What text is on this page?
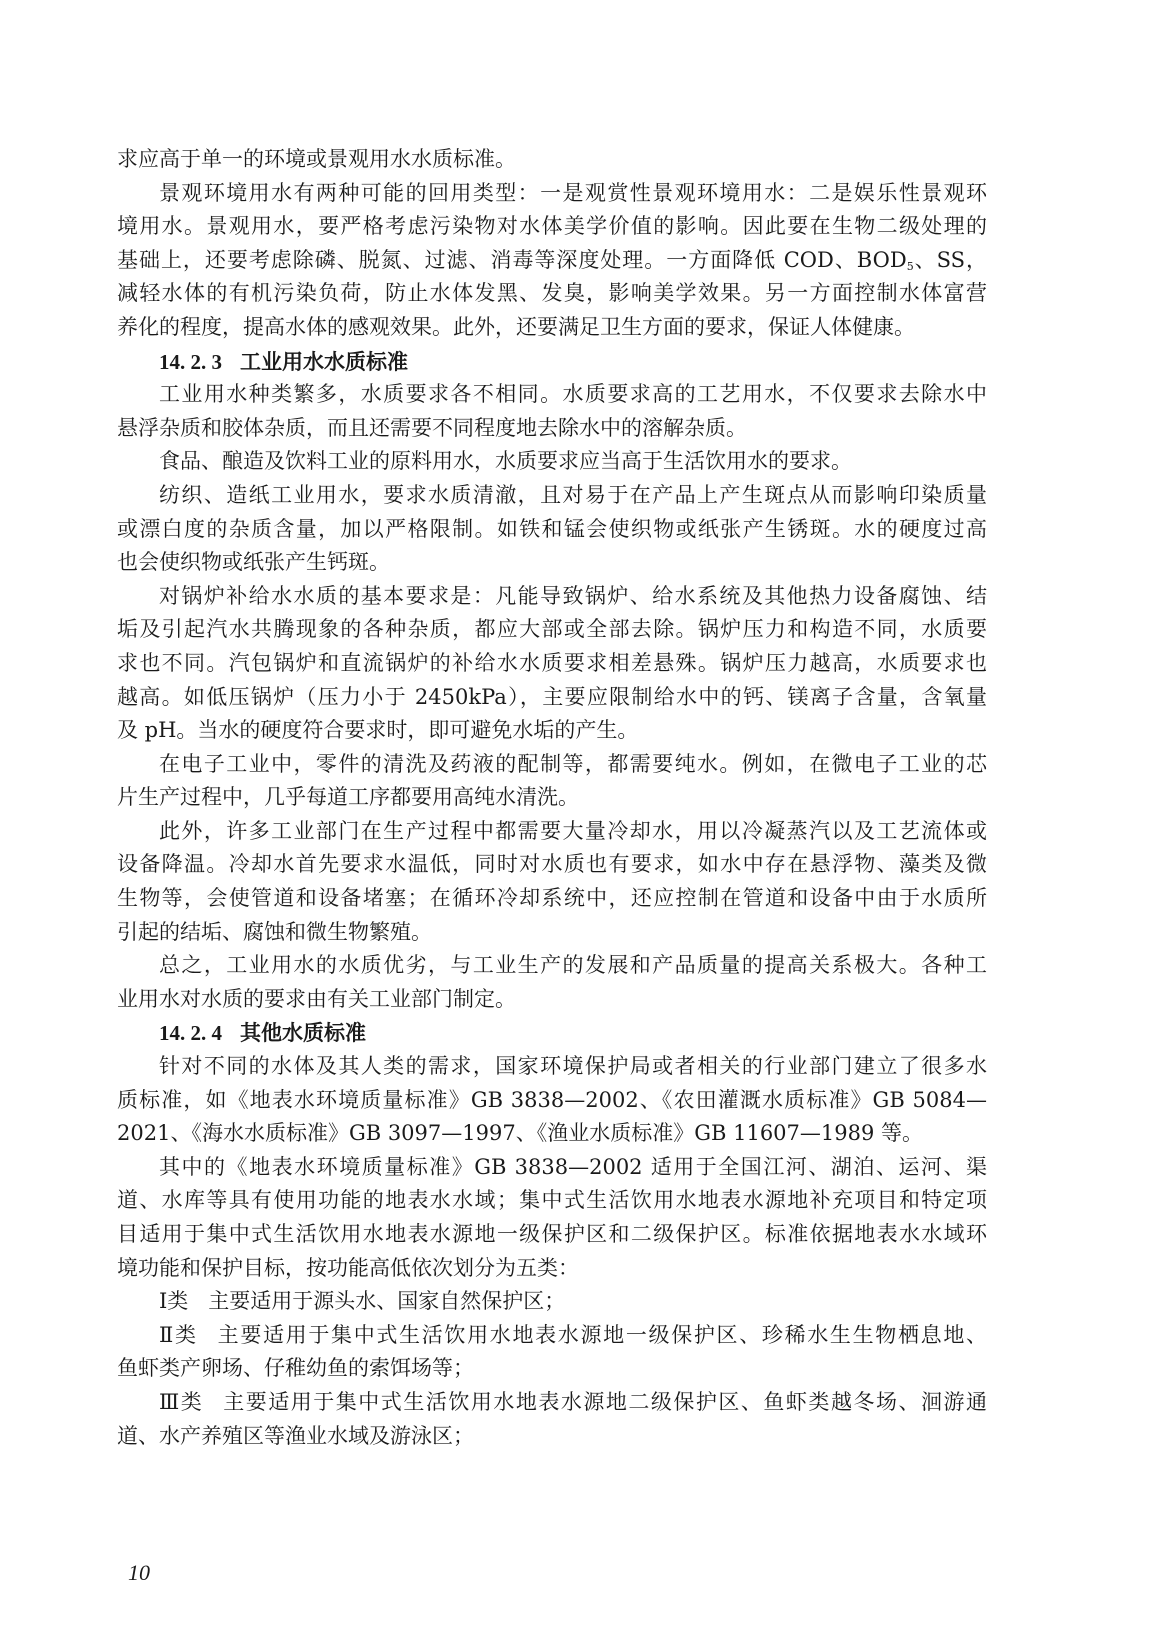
求应高于单一的环境或景观用水水质标准。
景观环境用水有两种可能的回用类型：一是观赏性景观环境用水：二是娱乐性景观环
境用水。景观用水，要严格考虑污染物对水体美学价值的影响。因此要在生物二级处理的
基础上，还要考虑除磷、脱氮、过滤、消毒等深度处理。一方面降低 COD、$BOD_5$、SS，
减轻水体的有机污染负荷，防止水体发黑、发臭，影响美学效果。另一方面控制水体富营
养化的程度，提高水体的感观效果。此外，还要满足卫生方面的要求，保证人体健康。
14. 2. 3 工业用水水质标准
工业用水种类繁多，水质要求各不相同。水质要求高的工艺用水，不仅要求去除水中
悬浮杂质和胶体杂质，而且还需要不同程度地去除水中的溶解杂质。
食品、酿造及饮料工业的原料用水，水质要求应当高于生活饮用水的要求。
纺织、造纸工业用水，要求水质清澈，且对易于在产品上产生斑点从而影响印染质量
或漂白度的杂质含量，加以严格限制。如铁和锰会使织物或纸张产生锈斑。水的硬度过高
也会使织物或纸张产生钙斑。
对锅炉补给水水质的基本要求是：凡能导致锅炉、给水系统及其他热力设备腐蚀、结
垢及引起汽水共腾现象的各种杂质，都应大部或全部去除。锅炉压力和构造不同，水质要
求也不同。汽包锅炉和直流锅炉的补给水水质要求相差悬殊。锅炉压力越高，水质要求也
越高。如低压锅炉（压力小于 2450kPa），主要应限制给水中的钙、镁离子含量，含氧量
及 pH。当水的硬度符合要求时，即可避免水垢的产生。
在电子工业中，零件的清洗及药液的配制等，都需要纯水。例如，在微电子工业的芯
片生产过程中，几乎每道工序都要用高纯水清洗。
此外，许多工业部门在生产过程中都需要大量冷却水，用以冷凝蒸汽以及工艺流体或
设备降温。冷却水首先要求水温低，同时对水质也有要求，如水中存在悬浮物、藻类及微
生物等，会使管道和设备堵塞；在循环冷却系统中，还应控制在管道和设备中由于水质所
引起的结垢、腐蚀和微生物繁殖。
总之，工业用水的水质优劣，与工业生产的发展和产品质量的提高关系极大。各种工
业用水对水质的要求由有关工业部门制定。
14. 2. 4 其他水质标准
针对不同的水体及其人类的需求，国家环境保护局或者相关的行业部门建立了很多水
质标准，如《地表水环境质量标准》GB 3838—2002、《农田灌溉水质标准》GB 5084—
2021、《海水水质标准》GB 3097—1997、《渔业水质标准》GB 11607—1989 等。
其中的《地表水环境质量标准》GB 3838—2002 适用于全国江河、湖泊、运河、渠
道、水库等具有使用功能的地表水水域；集中式生活饮用水地表水源地补充项目和特定项
目适用于集中式生活饮用水地表水源地一级保护区和二级保护区。标准依据地表水水域环
境功能和保护目标，按功能高低依次划分为五类：
Ⅰ类 主要适用于源头水、国家自然保护区；
Ⅱ类 主要适用于集中式生活饮用水地表水源地一级保护区、珍稀水生生物栖息地、
鱼虾类产卵场、仔稚幼鱼的索饵场等；
Ⅲ类 主要适用于集中式生活饮用水地表水源地二级保护区、鱼虾类越冬场、洄游通
道、水产养殖区等渔业水域及游泳区；
10
